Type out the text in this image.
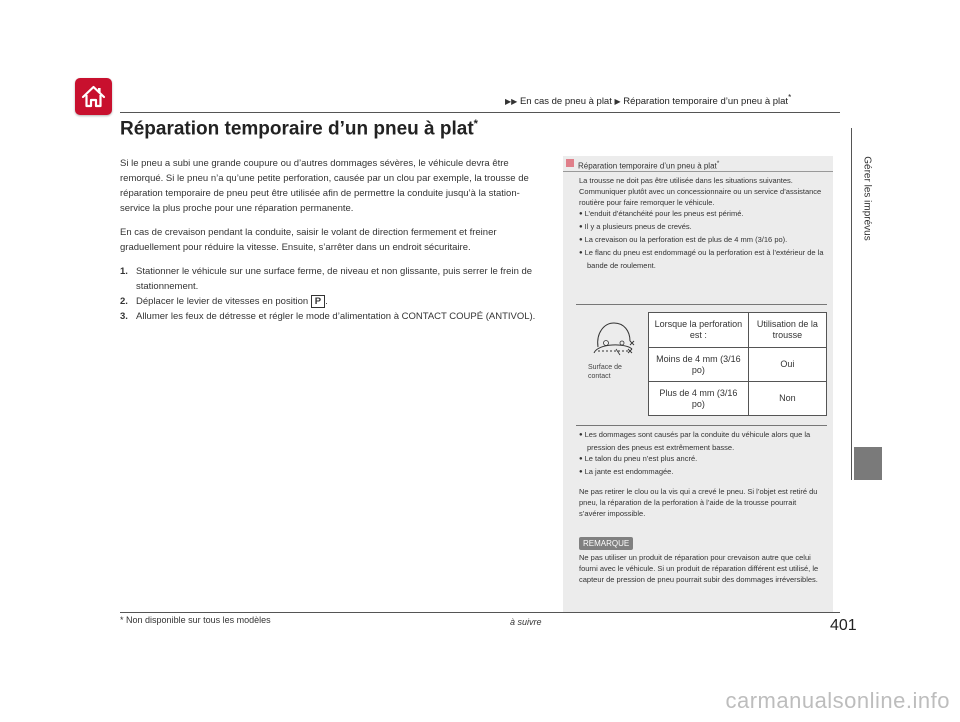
▶▶ En cas de pneu à plat ▶ Réparation temporaire d’un pneu à plat*
Gérer les imprévus
Réparation temporaire d’un pneu à plat*

Si le pneu a subi une grande coupure ou d’autres dommages sévères, le véhicule devra être remorqué. Si le pneu n’a qu’une petite perforation, causée par un clou par exemple, la trousse de réparation temporaire de pneu peut être utilisée afin de permettre la conduite jusqu’à la station-service la plus proche pour une réparation permanente.

En cas de crevaison pendant la conduite, saisir le volant de direction fermement et freiner graduellement pour réduire la vitesse. Ensuite, s’arrêter dans un endroit sécuritaire.

1. Stationner le véhicule sur une surface ferme, de niveau et non glissante, puis serrer le frein de stationnement.
2. Déplacer le levier de vitesses en position P .
3. Allumer les feux de détresse et régler le mode d’alimentation à CONTACT COUPÉ (ANTIVOL).
Réparation temporaire d’un pneu à plat*

La trousse ne doit pas être utilisée dans les situations suivantes. Communiquer plutôt avec un concessionnaire ou un service d’assistance routière pour faire remorquer le véhicule.

● L’enduit d’étanchéité pour les pneus est périmé.

● Il y a plusieurs pneus de crevés.

● La crevaison ou la perforation est de plus de 4 mm (3/16 po).

● Le flanc du pneu est endommagé ou la perforation est à l’extérieur de la bande de roulement.

Surface de contact
Lorsque la perforation est :	Utilisation de la trousse
Moins de 4 mm (3/16 po)	Oui
Plus de 4 mm (3/16 po)	Non

● Les dommages sont causés par la conduite du véhicule alors que la pression des pneus est extrêmement basse.

● Le talon du pneu n’est plus ancré.

● La jante est endommagée.

Ne pas retirer le clou ou la vis qui a crevé le pneu. Si l’objet est retiré du pneu, la réparation de la perforation à l’aide de la trousse pourrait s’avérer impossible.

REMARQUE

Ne pas utiliser un produit de réparation pour crevaison autre que celui fourni avec le véhicule. Si un produit de réparation différent est utilisé, le capteur de pression de pneu pourrait subir des dommages irréversibles.

* Non disponible sur tous les modèles	à suivre	401
carmanualsonline.info
